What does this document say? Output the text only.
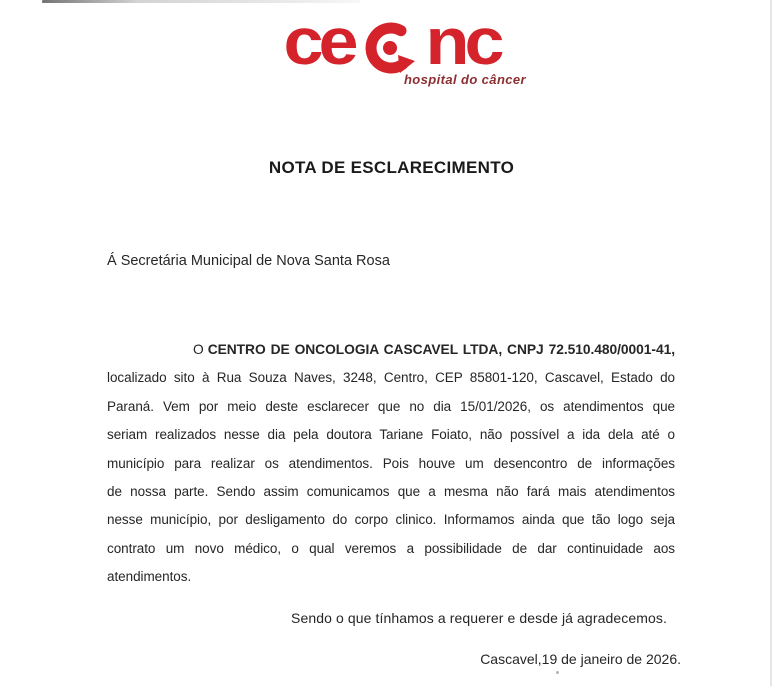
ce nc
hospital do câncer
NOTA DE ESCLARECIMENTO
Á Secretária Municipal de Nova Santa Rosa
O CENTRO DE ONCOLOGIA CASCAVEL LTDA, CNPJ 72.510.480/0001-41,
localizado sito à Rua Souza Naves, 3248, Centro, CEP 85801-120, Cascavel, Estado do
Paraná. Vem por meio deste esclarecer que no dia 15/01/2026, os atendimentos que
seriam realizados nesse dia pela doutora Tariane Foiato, não possível a ida dela até o
município para realizar os atendimentos. Pois houve um desencontro de informações
de nossa parte. Sendo assim comunicamos que a mesma não fará mais atendimentos
nesse município, por desligamento do corpo clinico. Informamos ainda que tão logo seja
contrato um novo médico, o qual veremos a possibilidade de dar continuidade aos
atendimentos.
Sendo o que tínhamos a requerer e desde já agradecemos.
Cascavel,19 de janeiro de 2026.
